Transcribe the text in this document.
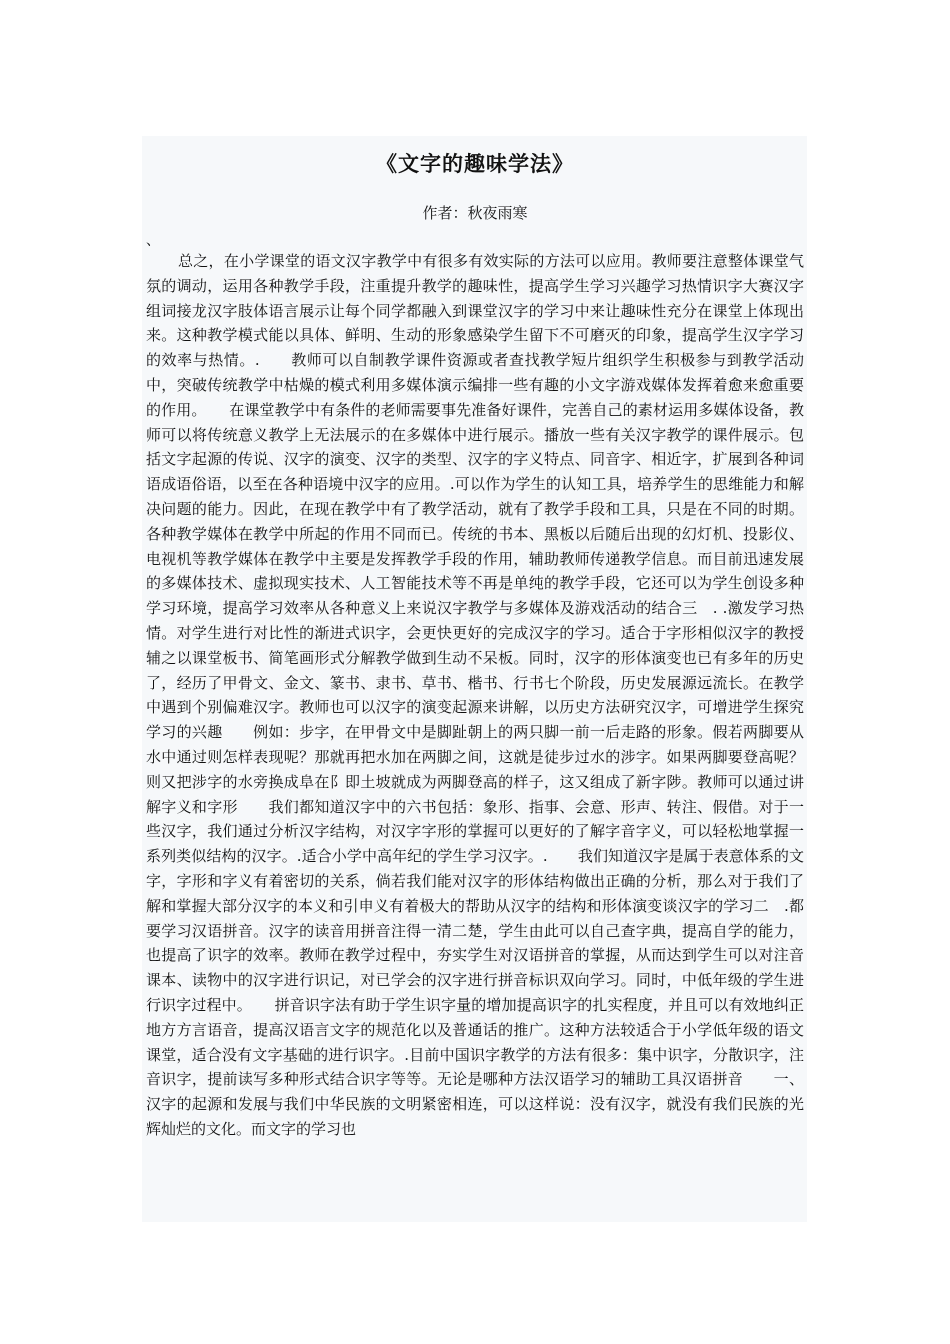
《文字的趣味学法》
作者：秋夜雨寒
、

总之，在小学课堂的语文汉字教学中有很多有效实际的方法可以应用。教师要注意整体课堂气氛的调动，运用各种教学手段，注重提升教学的趣味性，提高学生学习兴趣学习热情识字大赛汉字组词接龙汉字肢体语言展示让每个同学都融入到课堂汉字的学习中来让趣味性充分在课堂上体现出来。这种教学模式能以具体、鲜明、生动的形象感染学生留下不可磨灭的印象，提高学生汉字学习的效率与热情。.　　教师可以自制教学课件资源或者查找教学短片组织学生积极参与到教学活动中，突破传统教学中枯燥的模式利用多媒体演示编排一些有趣的小文字游戏媒体发挥着愈来愈重要的作用。　　在课堂教学中有条件的老师需要事先准备好课件，完善自己的素材运用多媒体设备，教师可以将传统意义教学上无法展示的在多媒体中进行展示。播放一些有关汉字教学的课件展示。包括文字起源的传说、汉字的演变、汉字的类型、汉字的字义特点、同音字、相近字，扩展到各种词语成语俗语，以至在各种语境中汉字的应用。.可以作为学生的认知工具，培养学生的思维能力和解决问题的能力。因此，在现在教学中有了教学活动，就有了教学手段和工具，只是在不同的时期。各种教学媒体在教学中所起的作用不同而已。传统的书本、黑板以后随后出现的幻灯机、投影仪、电视机等教学媒体在教学中主要是发挥教学手段的作用，辅助教师传递教学信息。而目前迅速发展的多媒体技术、虚拟现实技术、人工智能技术等不再是单纯的教学手段，它还可以为学生创设多种学习环境，提高学习效率从各种意义上来说汉字教学与多媒体及游戏活动的结合三　. .激发学习热情。对学生进行对比性的渐进式识字，会更快更好的完成汉字的学习。适合于字形相似汉字的教授辅之以课堂板书、简笔画形式分解教学做到生动不呆板。同时，汉字的形体演变也已有多年的历史了，经历了甲骨文、金文、篆书、隶书、草书、楷书、行书七个阶段，历史发展源远流长。在教学中遇到个别偏难汉字。教师也可以汉字的演变起源来讲解，以历史方法研究汉字，可增进学生探究学习的兴趣　　例如：步字，在甲骨文中是脚趾朝上的两只脚一前一后走路的形象。假若两脚要从水中通过则怎样表现呢？那就再把水加在两脚之间，这就是徒步过水的涉字。如果两脚要登高呢？则又把涉字的水旁换成阜在阝即土坡就成为两脚登高的样子，这又组成了新字陟。教师可以通过讲解字义和字形　　我们都知道汉字中的六书包括：象形、指事、会意、形声、转注、假借。对于一些汉字，我们通过分析汉字结构，对汉字字形的掌握可以更好的了解字音字义，可以轻松地掌握一系列类似结构的汉字。.适合小学中高年纪的学生学习汉字。.　　我们知道汉字是属于表意体系的文字，字形和字义有着密切的关系，倘若我们能对汉字的形体结构做出正确的分析，那么对于我们了解和掌握大部分汉字的本义和引申义有着极大的帮助从汉字的结构和形体演变谈汉字的学习二　.都要学习汉语拼音。汉字的读音用拼音注得一清二楚，学生由此可以自己查字典，提高自学的能力，也提高了识字的效率。教师在教学过程中，夯实学生对汉语拼音的掌握，从而达到学生可以对注音课本、读物中的汉字进行识记，对已学会的汉字进行拼音标识双向学习。同时，中低年级的学生进行识字过程中。　　拼音识字法有助于学生识字量的增加提高识字的扎实程度，并且可以有效地纠正地方方言语音，提高汉语言文字的规范化以及普通话的推广。这种方法较适合于小学低年级的语文课堂，适合没有文字基础的进行识字。.目前中国识字教学的方法有很多：集中识字，分散识字，注音识字，提前读写多种形式结合识字等等。无论是哪种方法汉语学习的辅助工具汉语拼音　　一、汉字的起源和发展与我们中华民族的文明紧密相连，可以这样说：没有汉字，就没有我们民族的光辉灿烂的文化。而文字的学习也
